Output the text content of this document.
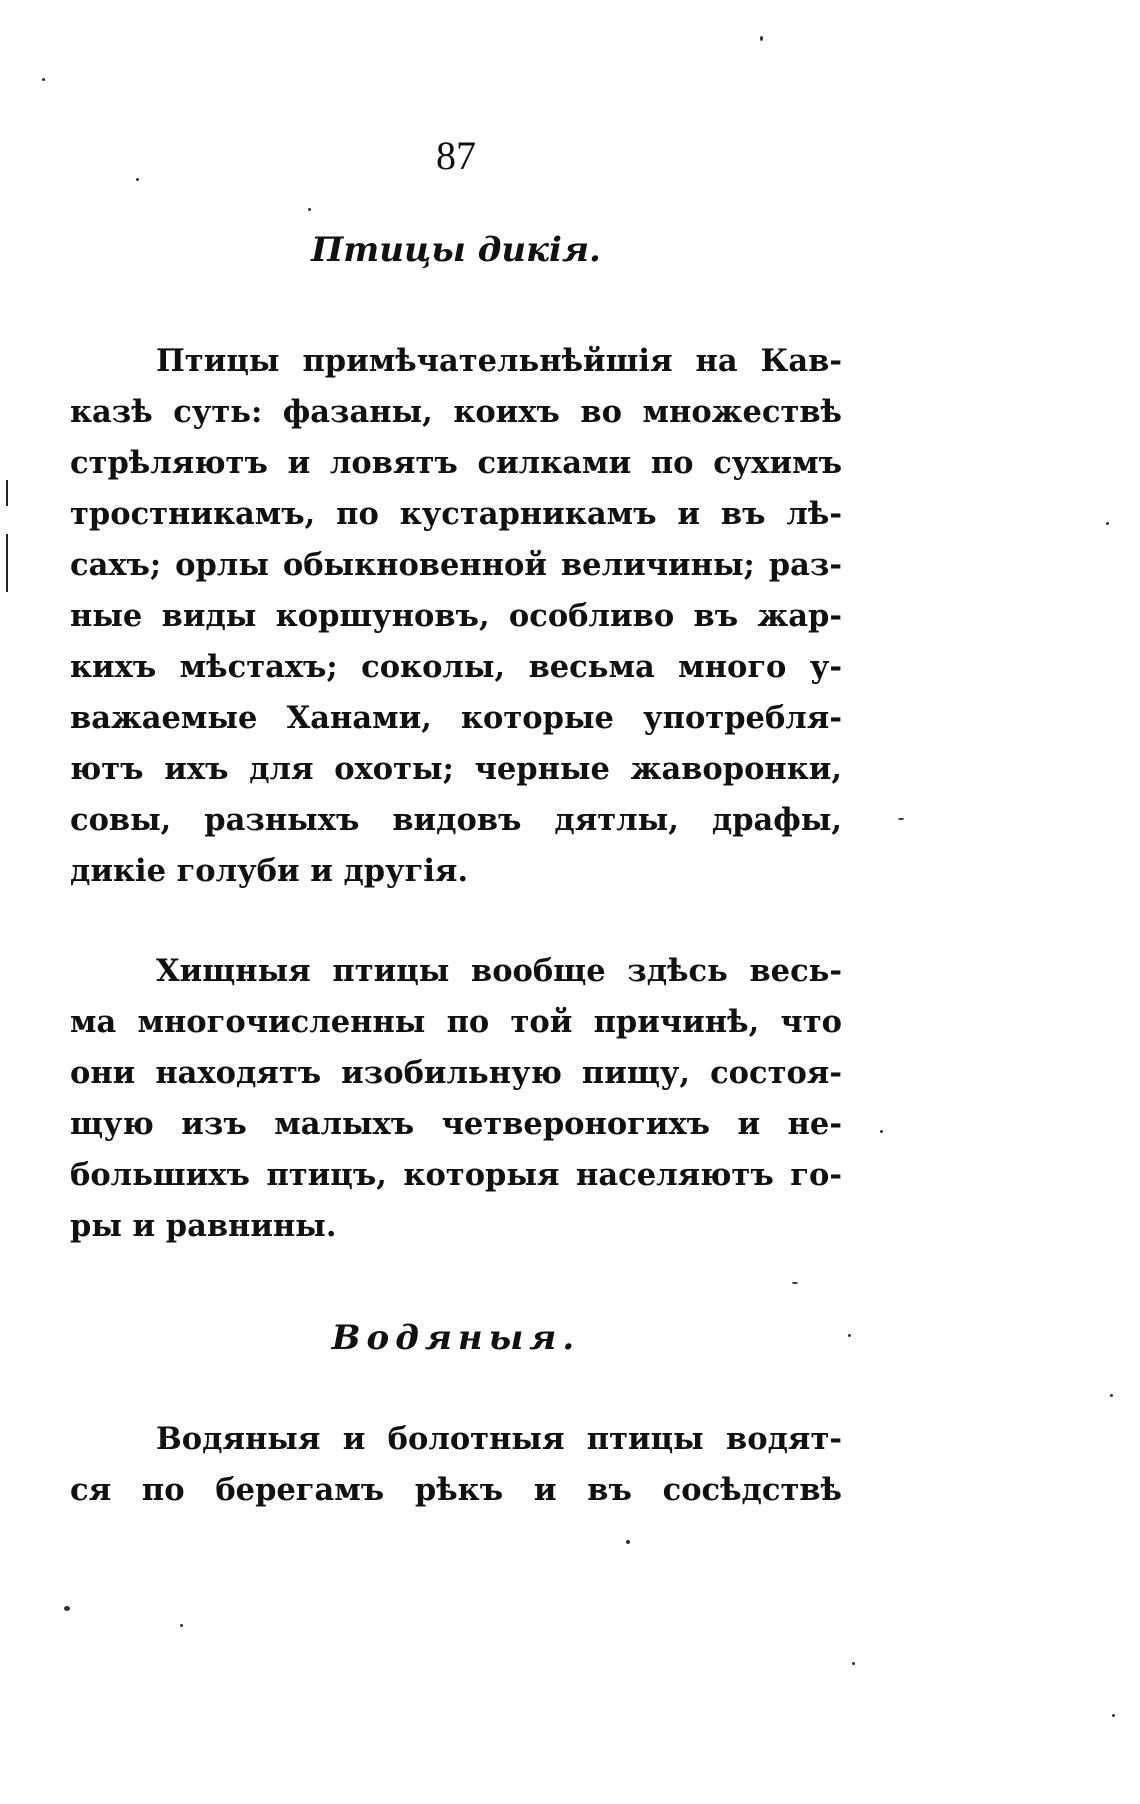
87
Птицы дикія.

Птицы примѣчательнѣйшія на Кав-
казѣ суть: фазаны, коихъ во множествѣ
стрѣляютъ и ловятъ силками по сухимъ
тростникамъ, по кустарникамъ и въ лѣ-
сахъ; орлы обыкновенной величины; раз-
ные виды коршуновъ, особливо въ жар-
кихъ мѣстахъ; соколы, весьма много у-
важаемые Ханами, которые употребля-
ютъ ихъ для охоты; черные жаворонки,
совы, разныхъ видовъ дятлы, драфы,
дикіе голуби и другія.

Хищныя птицы вообще здѣсь весь-
ма многочисленны по той причинѣ, что
они находятъ изобильную пищу, состоя-
щую изъ малыхъ четвероногихъ и не-
большихъ птицъ, которыя населяютъ го-
ры и равнины.

Водяныя.

Водяныя и болотныя птицы водят-
ся по берегамъ рѣкъ и въ сосѣдствѣ
